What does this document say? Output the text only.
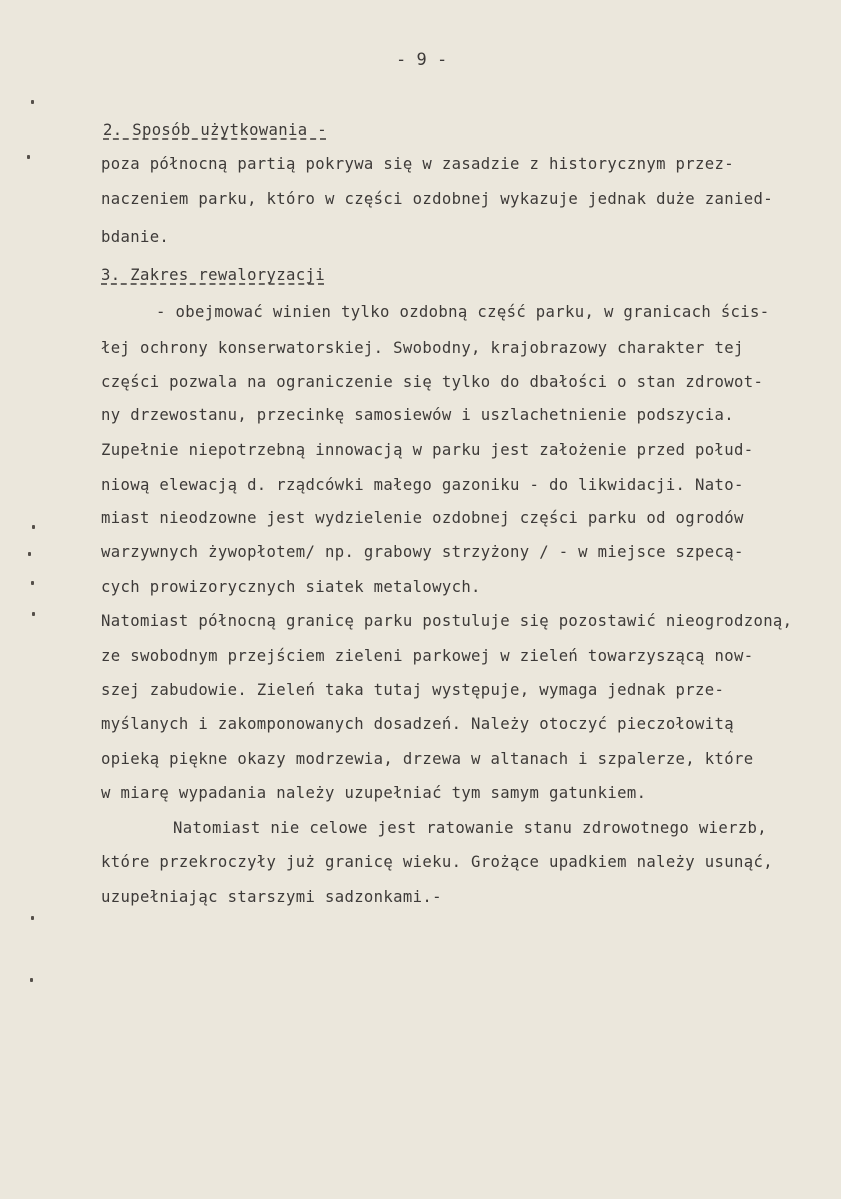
- 9 -
2. Sposób użytkowania -
poza północną partią pokrywa się w zasadzie z historycznym przez-
naczeniem parku, któro w części ozdobnej wykazuje jednak duże zanied-
bdanie.
3. Zakres rewaloryzacji
- obejmować winien tylko ozdobną część parku, w granicach ścis-
łej ochrony konserwatorskiej. Swobodny, krajobrazowy charakter tej
części pozwala na ograniczenie się tylko do dbałości o stan zdrowot-
ny drzewostanu, przecinkę samosiewów i uszlachetnienie podszycia.
Zupełnie niepotrzebną innowacją w parku jest założenie przed połud-
niową elewacją d. rządcówki małego gazoniku - do likwidacji. Nato-
miast nieodzowne jest wydzielenie ozdobnej części parku od ogrodów
warzywnych żywopłotem/ np. grabowy strzyżony / - w miejsce szpecą-
cych prowizorycznych siatek metalowych.
Natomiast północną granicę parku postuluje się pozostawić nieogrodzoną,
ze swobodnym przejściem zieleni parkowej w zieleń towarzyszącą now-
szej zabudowie. Zieleń taka tutaj występuje, wymaga jednak prze-
myślanych i zakomponowanych dosadzeń. Należy otoczyć pieczołowitą
opieką piękne okazy modrzewia, drzewa w altanach i szpalerze, które
w miarę wypadania należy uzupełniać tym samym gatunkiem.
Natomiast nie celowe jest ratowanie stanu zdrowotnego wierzb,
które przekroczyły już granicę wieku. Grożące upadkiem należy usunąć,
uzupełniając starszymi sadzonkami.-
